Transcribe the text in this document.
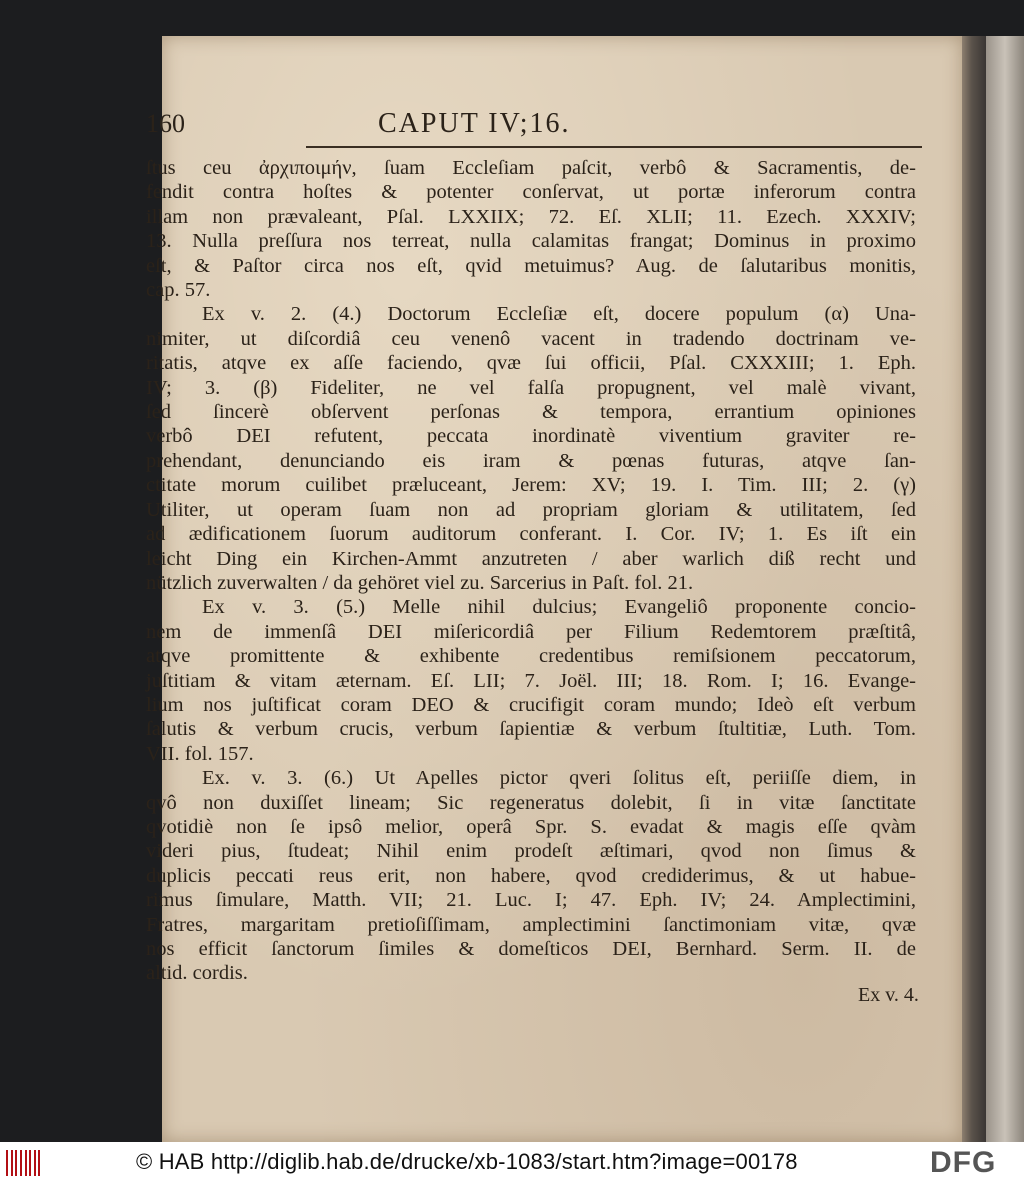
160	CAPUT IV;16.
ſtus ceu ἀρχιποιμήν, ſuam Eccleſiam paſcit, verbô & Sacramentis, de-
fendit contra hoſtes & potenter conſervat, ut portæ inferorum contra
illam non prævaleant, Pſal. LXXIIX; 72. Eſ. XLII; 11. Ezech. XXXIV;
13. Nulla preſſura nos terreat, nulla calamitas frangat; Dominus in proximo
eſt, & Paſtor circa nos eſt, qvid metuimus? Aug. de ſalutaribus monitis,
cap. 57.
Ex v. 2. (4.) Doctorum Eccleſiæ eſt, docere populum (α) Una-
nimiter, ut diſcordiâ ceu venenô vacent in tradendo doctrinam ve-
ritatis, atqve ex aſſe faciendo, qvæ ſui officii, Pſal. CXXXIII; 1. Eph.
IV; 3. (β) Fideliter, ne vel falſa propugnent, vel malè vivant,
ſed ſincerè obſervent perſonas & tempora, errantium opiniones
verbô DEI refutent, peccata inordinatè viventium graviter re-
prehendant, denunciando eis iram & pœnas futuras, atqve ſan-
ctitate morum cuilibet præluceant, Jerem: XV; 19. I. Tim. III; 2. (γ)
Utiliter, ut operam ſuam non ad propriam gloriam & utilitatem, ſed
ad ædificationem ſuorum auditorum conferant. I. Cor. IV; 1. Es iſt ein
leicht Ding ein Kirchen-Ammt anzutreten / aber warlich diß recht und
nützlich zuverwalten / da gehöret viel zu. Sarcerius in Paſt. fol. 21.
Ex v. 3. (5.) Melle nihil dulcius; Evangeliô proponente concio-
nem de immenſâ DEI miſericordiâ per Filium Redemtorem præſtitâ,
atqve promittente & exhibente credentibus remiſsionem peccatorum,
juſtitiam & vitam æternam. Eſ. LII; 7. Joël. III; 18. Rom. I; 16. Evange-
lium nos juſtificat coram DEO & crucifigit coram mundo; Ideò eſt verbum
ſalutis & verbum crucis, verbum ſapientiæ & verbum ſtultitiæ, Luth. Tom.
VII. fol. 157.
Ex. v. 3. (6.) Ut Apelles pictor qveri ſolitus eſt, periiſſe diem, in
qvô non duxiſſet lineam; Sic regeneratus dolebit, ſi in vitæ ſanctitate
qvotidiè non ſe ipsô melior, operâ Spr. S. evadat & magis eſſe qvàm
videri pius, ſtudeat; Nihil enim prodeſt æſtimari, qvod non ſimus &
duplicis peccati reus erit, non habere, qvod crediderimus, & ut habue-
rimus ſimulare, Matth. VII; 21. Luc. I; 47. Eph. IV; 24. Amplectimini,
Fratres, margaritam pretioſiſſimam, amplectimini ſanctimoniam vitæ, qvæ
nos efficit ſanctorum ſimiles & domeſticos DEI, Bernhard. Serm. II. de
altid. cordis.
Ex v. 4.
© HAB http://diglib.hab.de/drucke/xb-1083/start.htm?image=00178	DFG
